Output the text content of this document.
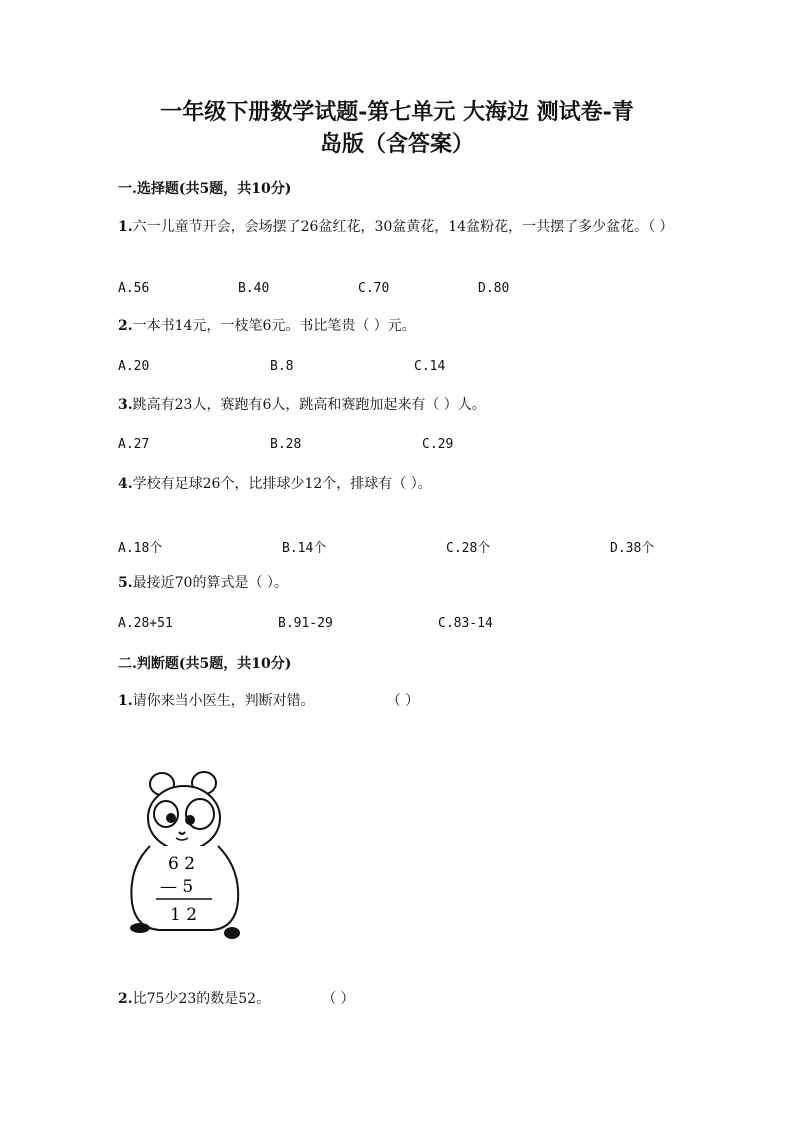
一年级下册数学试题-第七单元 大海边 测试卷-青
岛版（含答案）
一.选择题(共5题，共10分)
1.六一儿童节开会，会场摆了26盆红花，30盆黄花，14盆粉花，一共摆了多少盆花。（ ）
A.56	B.40	C.70	D.80
2.一本书14元，一枝笔6元。书比笔贵（ ）元。
A.20	B.8	C.14
3.跳高有23人，赛跑有6人，跳高和赛跑加起来有（ ）人。
A.27	B.28	C.29
4.学校有足球26个，比排球少12个，排球有（ ）。
A.18个	B.14个	C.28个	D.38个
5.最接近70的算式是（ ）。
A.28+51	B.91-29	C.83-14
二.判断题(共5题，共10分)
1.请你来当小医生，判断对错。	（ ）
6 2
— 5
1 2
2.比75少23的数是52。	（ ）
